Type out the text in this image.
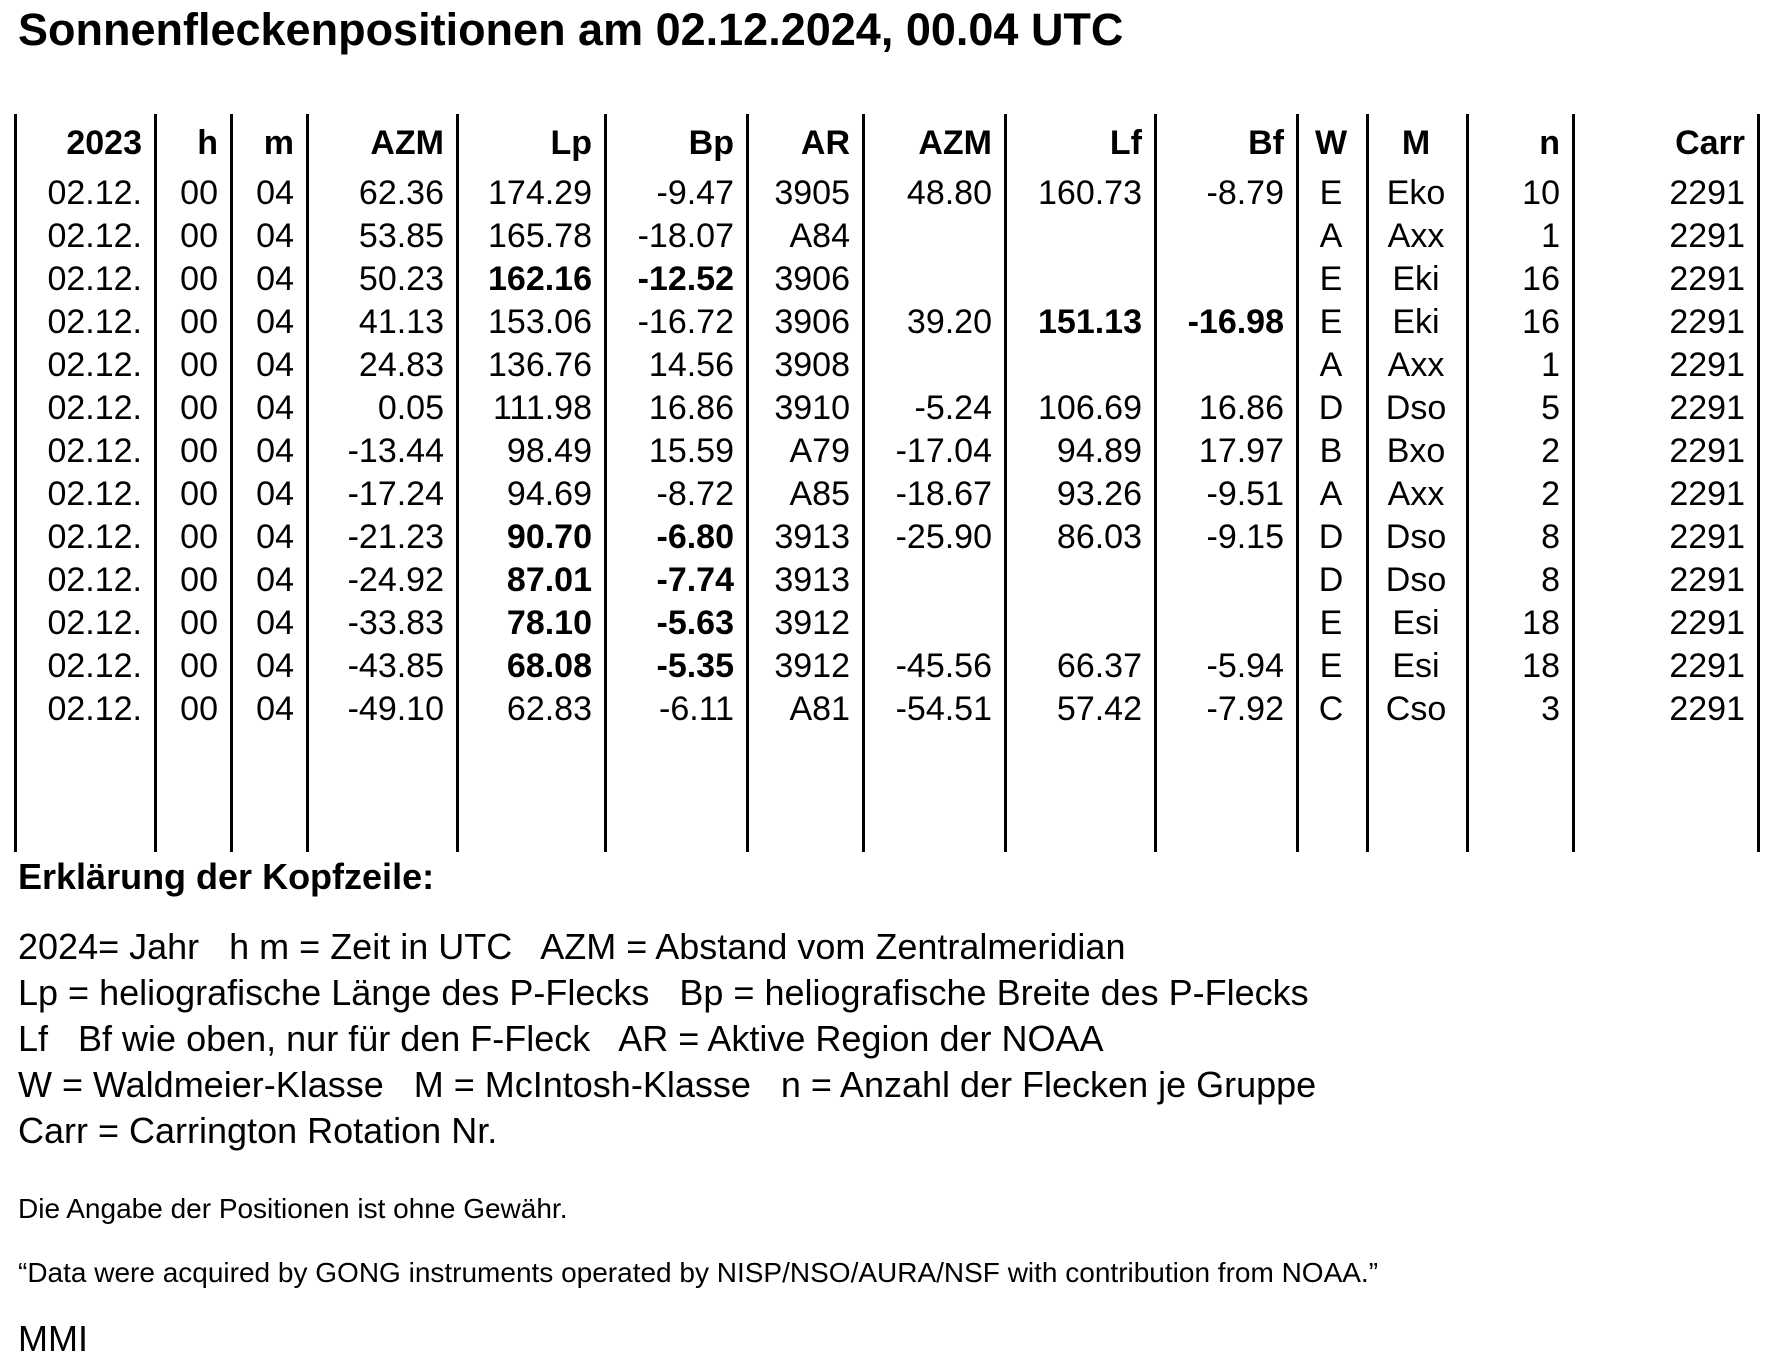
Sonnenfleckenpositionen am 02.12.2024, 00.04 UTC
2023	h	m	AZM	Lp	Bp	AR	AZM	Lf	Bf	W	M	n	Carr
02.12.	00	04	62.36	174.29	-9.47	3905	48.80	160.73	-8.79	E	Eko	10	2291
02.12.	00	04	53.85	165.78	-18.07	A84				A	Axx	1	2291
02.12.	00	04	50.23	162.16	-12.52	3906				E	Eki	16	2291
02.12.	00	04	41.13	153.06	-16.72	3906	39.20	151.13	-16.98	E	Eki	16	2291
02.12.	00	04	24.83	136.76	14.56	3908				A	Axx	1	2291
02.12.	00	04	0.05	111.98	16.86	3910	-5.24	106.69	16.86	D	Dso	5	2291
02.12.	00	04	-13.44	98.49	15.59	A79	-17.04	94.89	17.97	B	Bxo	2	2291
02.12.	00	04	-17.24	94.69	-8.72	A85	-18.67	93.26	-9.51	A	Axx	2	2291
02.12.	00	04	-21.23	90.70	-6.80	3913	-25.90	86.03	-9.15	D	Dso	8	2291
02.12.	00	04	-24.92	87.01	-7.74	3913				D	Dso	8	2291
02.12.	00	04	-33.83	78.10	-5.63	3912				E	Esi	18	2291
02.12.	00	04	-43.85	68.08	-5.35	3912	-45.56	66.37	-5.94	E	Esi	18	2291
02.12.	00	04	-49.10	62.83	-6.11	A81	-54.51	57.42	-7.92	C	Cso	3	2291
Erklärung der Kopfzeile:
2024= Jahr   h m = Zeit in UTC   AZM = Abstand vom Zentralmeridian
Lp = heliografische Länge des P-Flecks   Bp = heliografische Breite des P-Flecks
Lf   Bf wie oben, nur für den F-Fleck   AR = Aktive Region der NOAA
W = Waldmeier-Klasse   M = McIntosh-Klasse   n = Anzahl der Flecken je Gruppe
Carr = Carrington Rotation Nr.
Die Angabe der Positionen ist ohne Gewähr.
“Data were acquired by GONG instruments operated by NISP/NSO/AURA/NSF with contribution from NOAA.”
MMI
